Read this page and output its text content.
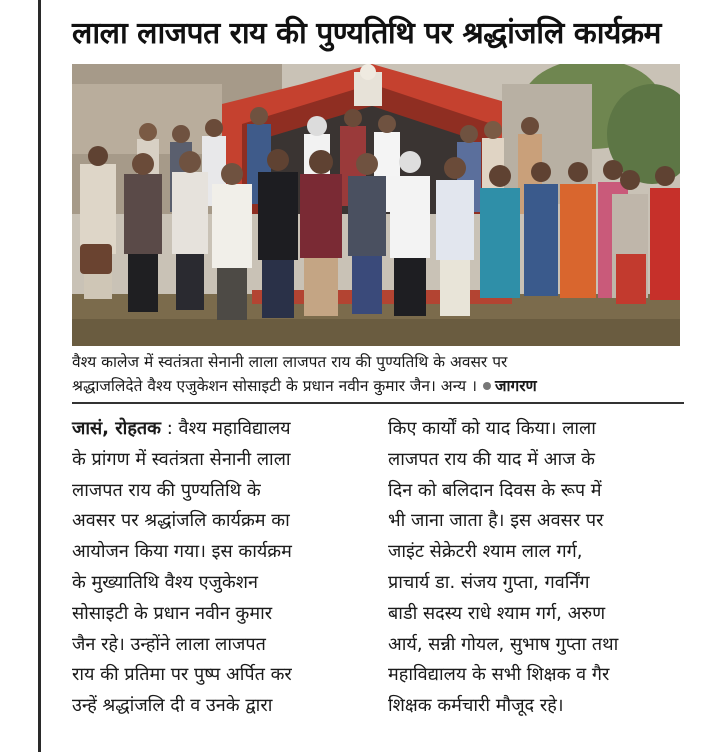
लाला लाजपत राय की पुण्यतिथि पर श्रद्धांजलि कार्यक्रम
वैश्य कालेज में स्वतंत्रता सेनानी लाला लाजपत राय की पुण्यतिथि के अवसर पर
श्रद्धाजलिदेते वैश्य एजुकेशन सोसाइटी के प्रधान नवीन कुमार जैन। अन्य । जागरण
जासं, रोहतक : वैश्य महाविद्यालय
के प्रांगण में स्वतंत्रता सेनानी लाला
लाजपत राय की पुण्यतिथि के
अवसर पर श्रद्धांजलि कार्यक्रम का
आयोजन किया गया। इस कार्यक्रम
के मुख्यातिथि वैश्य एजुकेशन
सोसाइटी के प्रधान नवीन कुमार
जैन रहे। उन्होंने लाला लाजपत
राय की प्रतिमा पर पुष्प अर्पित कर
उन्हें श्रद्धांजलि दी व उनके द्वारा
किए कार्यों को याद किया। लाला
लाजपत राय की याद में आज के
दिन को बलिदान दिवस के रूप में
भी जाना जाता है। इस अवसर पर
जाइंट सेक्रेटरी श्याम लाल गर्ग,
प्राचार्य डा. संजय गुप्ता, गवर्निंग
बाडी सदस्य राधे श्याम गर्ग, अरुण
आर्य, सन्नी गोयल, सुभाष गुप्ता तथा
महाविद्यालय के सभी शिक्षक व गैर
शिक्षक कर्मचारी मौजूद रहे।
